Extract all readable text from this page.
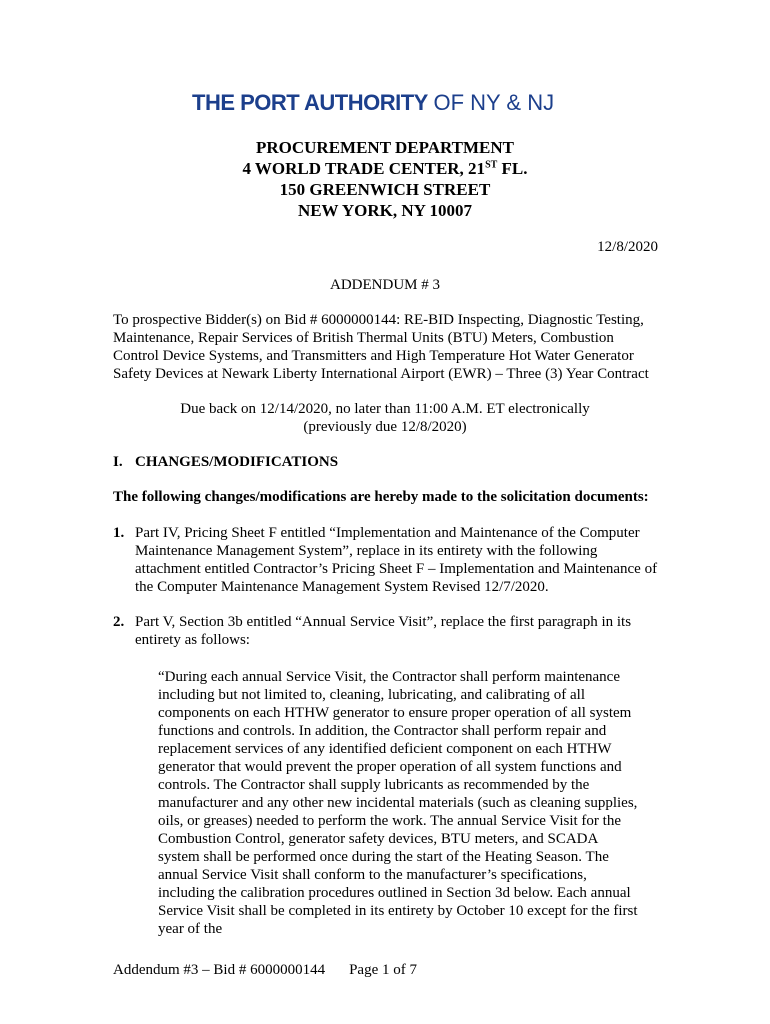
THE PORT AUTHORITY OF NY & NJ
PROCUREMENT DEPARTMENT
4 WORLD TRADE CENTER, 21ST FL.
150 GREENWICH STREET
NEW YORK, NY 10007
12/8/2020
ADDENDUM # 3
To prospective Bidder(s) on Bid # 6000000144: RE-BID Inspecting, Diagnostic Testing, Maintenance, Repair Services of British Thermal Units (BTU) Meters, Combustion Control Device Systems, and Transmitters and High Temperature Hot Water Generator Safety Devices at Newark Liberty International Airport (EWR) – Three (3) Year Contract
Due back on 12/14/2020, no later than 11:00 A.M. ET electronically
(previously due 12/8/2020)
I. CHANGES/MODIFICATIONS
The following changes/modifications are hereby made to the solicitation documents:
1. Part IV, Pricing Sheet F entitled “Implementation and Maintenance of the Computer Maintenance Management System”, replace in its entirety with the following attachment entitled Contractor’s Pricing Sheet F – Implementation and Maintenance of the Computer Maintenance Management System Revised 12/7/2020.
2. Part V, Section 3b entitled “Annual Service Visit”, replace the first paragraph in its entirety as follows:
“During each annual Service Visit, the Contractor shall perform maintenance including but not limited to, cleaning, lubricating, and calibrating of all components on each HTHW generator to ensure proper operation of all system functions and controls. In addition, the Contractor shall perform repair and replacement services of any identified deficient component on each HTHW generator that would prevent the proper operation of all system functions and controls. The Contractor shall supply lubricants as recommended by the manufacturer and any other new incidental materials (such as cleaning supplies, oils, or greases) needed to perform the work. The annual Service Visit for the Combustion Control, generator safety devices, BTU meters, and SCADA system shall be performed once during the start of the Heating Season. The annual Service Visit shall conform to the manufacturer’s specifications, including the calibration procedures outlined in Section 3d below. Each annual Service Visit shall be completed in its entirety by October 10 except for the first year of the
Addendum #3 – Bid # 6000000144 Page 1 of 7
